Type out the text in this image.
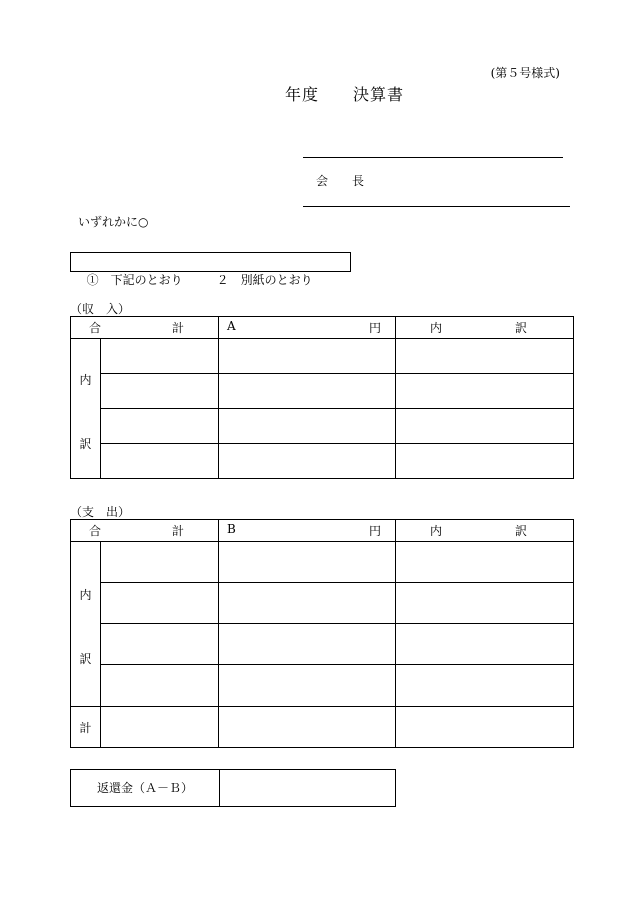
(第５号様式)
年度　　決算書
会　　長
いずれかに○

①　下記のとおり	２　別紙のとおり

（収　入）
合 計		A 円	内 訳

内
訳			

（支　出）
合 計		B 円	内 訳

内
訳			

計			
返還金（Ａ－Ｂ）
